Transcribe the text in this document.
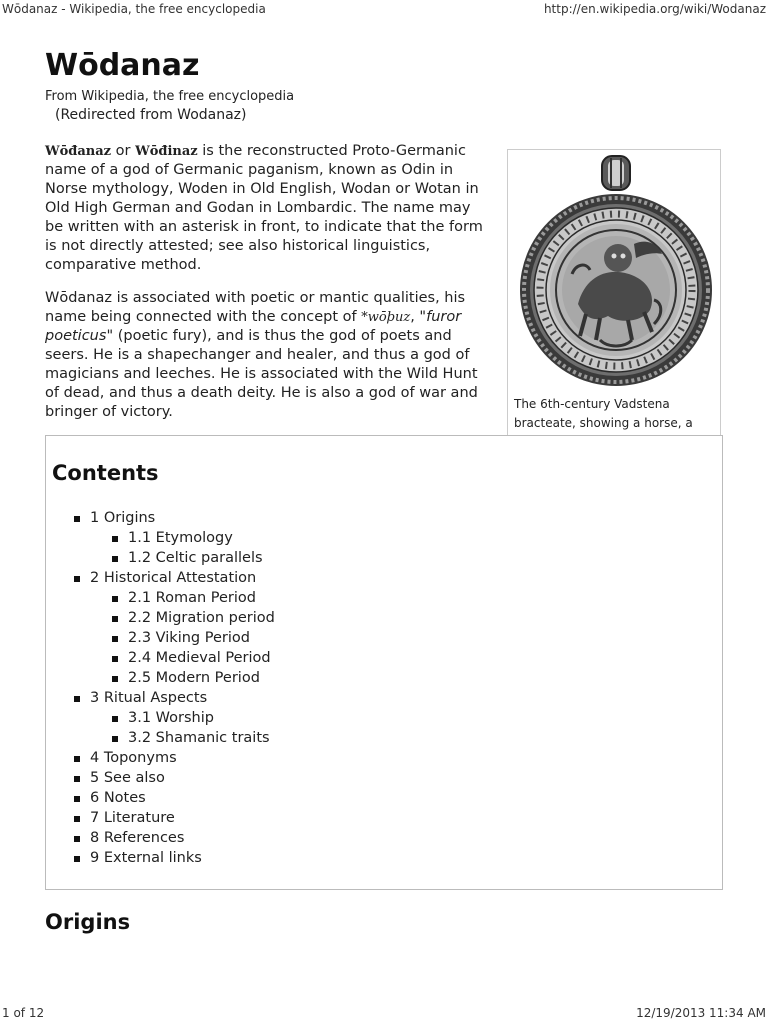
Wōdanaz - Wikipedia, the free encyclopedia	http://en.wikipedia.org/wiki/Wodanaz
Wōdanaz
From Wikipedia, the free encyclopedia
(Redirected from Wodanaz)

Wōđanaz or Wōđinaz is the reconstructed Proto-Germanic name of a god of Germanic paganism, known as Odin in Norse mythology, Woden in Old English, Wodan or Wotan in Old High German and Godan in Lombardic. The name may be written with an asterisk in front, to indicate that the form is not directly attested; see also historical linguistics, comparative method.

Wōdanaz is associated with poetic or mantic qualities, his name being connected with the concept of *wōþuz, "furor poeticus" (poetic fury), and is thus the god of poets and seers. He is a shapechanger and healer, and thus a god of magicians and leeches. He is associated with the Wild Hunt of dead, and thus a death deity. He is also a god of war and bringer of victory.	The 6th-century Vadstena bracteate, showing a horse, a
Contents
1 Origins
1.1 Etymology
1.2 Celtic parallels
2 Historical Attestation
2.1 Roman Period
2.2 Migration period
2.3 Viking Period
2.4 Medieval Period
2.5 Modern Period
3 Ritual Aspects
3.1 Worship
3.2 Shamanic traits
4 Toponyms
5 See also
6 Notes
7 Literature
8 References
9 External links
Origins
1 of 12	12/19/2013 11:34 AM
